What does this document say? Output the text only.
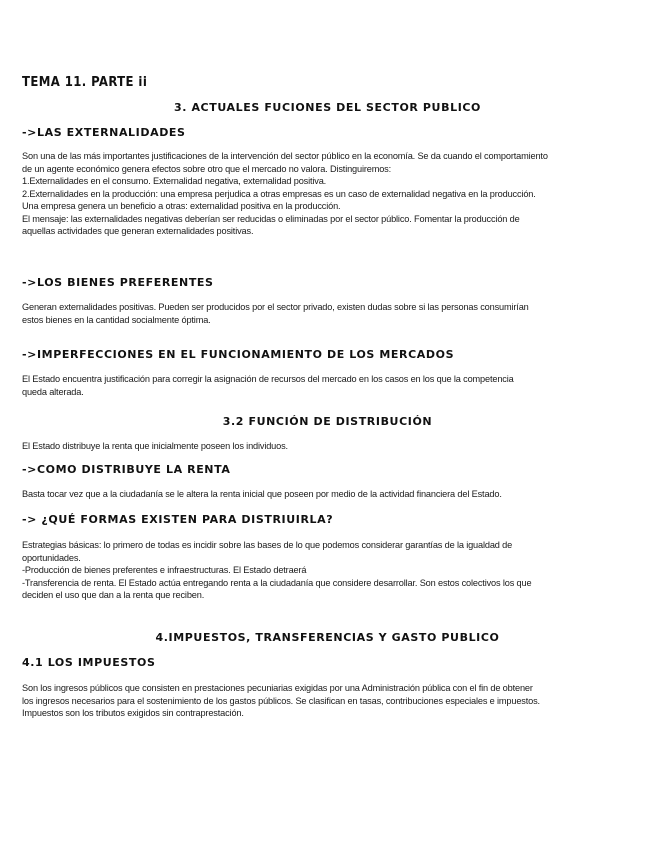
TEMA 11. PARTE ii
3. ACTUALES FUCIONES DEL SECTOR PUBLICO
->LAS EXTERNALIDADES
Son una de las más importantes justificaciones de la intervención del sector público en la economía. Se da cuando el comportamiento
de un agente económico genera efectos sobre otro que el mercado no valora. Distinguiremos:
1.Externalidades en el consumo. Externalidad negativa, externalidad positiva.
2.Externalidades en la producción: una empresa perjudica a otras empresas es un caso de externalidad negativa en la producción.
Una empresa genera un beneficio a otras: externalidad positiva en la producción.
El mensaje: las externalidades negativas deberían ser reducidas o eliminadas por el sector público. Fomentar la producción de
aquellas actividades que generan externalidades positivas.
->LOS BIENES PREFERENTES
Generan externalidades positivas. Pueden ser producidos por el sector privado, existen dudas sobre si las personas consumirían
estos bienes en la cantidad socialmente óptima.
->IMPERFECCIONES EN EL FUNCIONAMIENTO DE LOS MERCADOS
El Estado encuentra justificación para corregir la asignación de recursos del mercado en los casos en los que la competencia
queda alterada.
3.2 FUNCIÓN DE DISTRIBUCIÓN
El Estado distribuye la renta que inicialmente poseen los individuos.
->COMO DISTRIBUYE LA RENTA
Basta tocar vez que a la ciudadanía se le altera la renta inicial que poseen por medio de la actividad financiera del Estado.
-> ¿QUÉ FORMAS EXISTEN PARA DISTRIUIRLA?
Estrategias básicas: lo primero de todas es incidir sobre las bases de lo que podemos considerar garantías de la igualdad de
oportunidades.
-Producción de bienes preferentes e infraestructuras. El Estado detraerá
-Transferencia de renta. El Estado actúa entregando renta a la ciudadanía que considere desarrollar. Son estos colectivos los que
deciden el uso que dan a la renta que reciben.
4.IMPUESTOS, TRANSFERENCIAS Y GASTO PUBLICO
4.1 LOS IMPUESTOS
Son los ingresos públicos que consisten en prestaciones pecuniarias exigidas por una Administración pública con el fin de obtener
los ingresos necesarios para el sostenimiento de los gastos públicos. Se clasifican en tasas, contribuciones especiales e impuestos.
Impuestos son los tributos exigidos sin contraprestación.
